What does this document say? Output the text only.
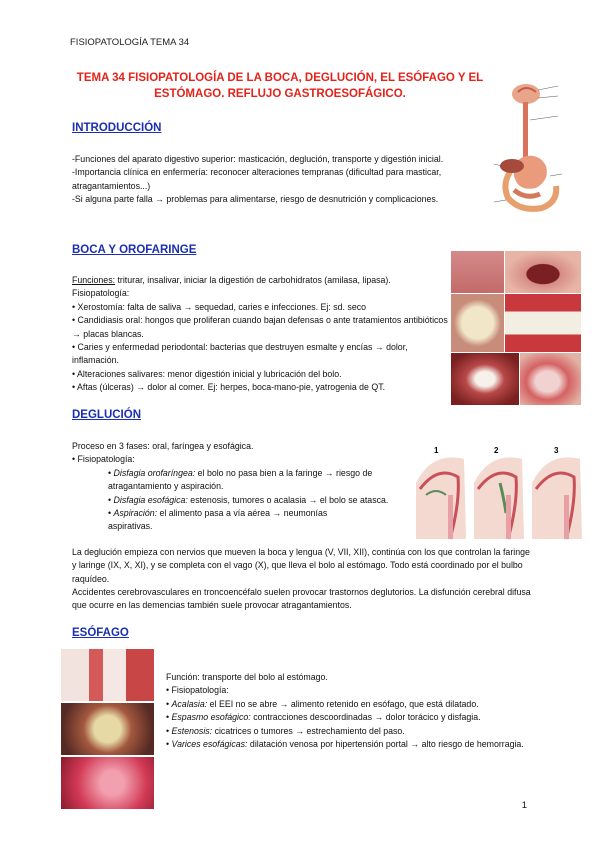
FISIOPATOLOGÍA TEMA 34
TEMA 34 FISIOPATOLOGÍA DE LA BOCA, DEGLUCIÓN, EL ESÓFAGO Y EL ESTÓMAGO. REFLUJO GASTROESOFÁGICO.
INTRODUCCIÓN

-Funciones del aparato digestivo superior: masticación, deglución, transporte y digestión inicial.

-Importancia clínica en enfermería: reconocer alteraciones tempranas (dificultad para masticar, atragantamientos...)

-Si alguna parte falla → problemas para alimentarse, riesgo de desnutrición y complicaciones.

BOCA Y OROFARINGE

Funciones: triturar, insalivar, iniciar la digestión de carbohidratos (amilasa, lipasa).

Fisiopatología:

• Xerostomía: falta de saliva → sequedad, caries e infecciones. Ej: sd. seco

• Candidiasis oral: hongos que proliferan cuando bajan defensas o ante tratamientos antibióticos → placas blancas.

• Caries y enfermedad periodontal: bacterias que destruyen esmalte y encías → dolor, inflamación.

• Alteraciones salivares: menor digestión inicial y lubricación del bolo.

• Aftas (úlceras) → dolor al comer. Ej: herpes, boca-mano-pie, yatrogenia de QT.

DEGLUCIÓN

Proceso en 3 fases: oral, faríngea y esofágica.

• Fisiopatología:

• Disfagia orofaríngea: el bolo no pasa bien a la faringe → riesgo de atragantamiento y aspiración.

• Disfagia esofágica: estenosis, tumores o acalasia → el bolo se atasca.

• Aspiración: el alimento pasa a vía aérea → neumonías aspirativas.

La deglución empieza con nervios que mueven la boca y lengua (V, VII, XII), continúa con los que controlan la faringe y laringe (IX, X, XI), y se completa con el vago (X), que lleva el bolo al estómago. Todo está coordinado por el bulbo raquídeo.
Accidentes cerebrovasculares en troncoencéfalo suelen provocar trastornos deglutorios. La disfunción cerebral difusa que ocurre en las demencias también suele provocar atragantamientos.
1	2	3
ESÓFAGO

Función: transporte del bolo al estómago.

• Fisiopatología:

• Acalasia: el EEI no se abre → alimento retenido en esófago, que está dilatado.

• Espasmo esofágico: contracciones descoordinadas → dolor torácico y disfagia.

• Estenosis: cicatrices o tumores → estrechamiento del paso.

• Varices esofágicas: dilatación venosa por hipertensión portal → alto riesgo de hemorragia.

1
